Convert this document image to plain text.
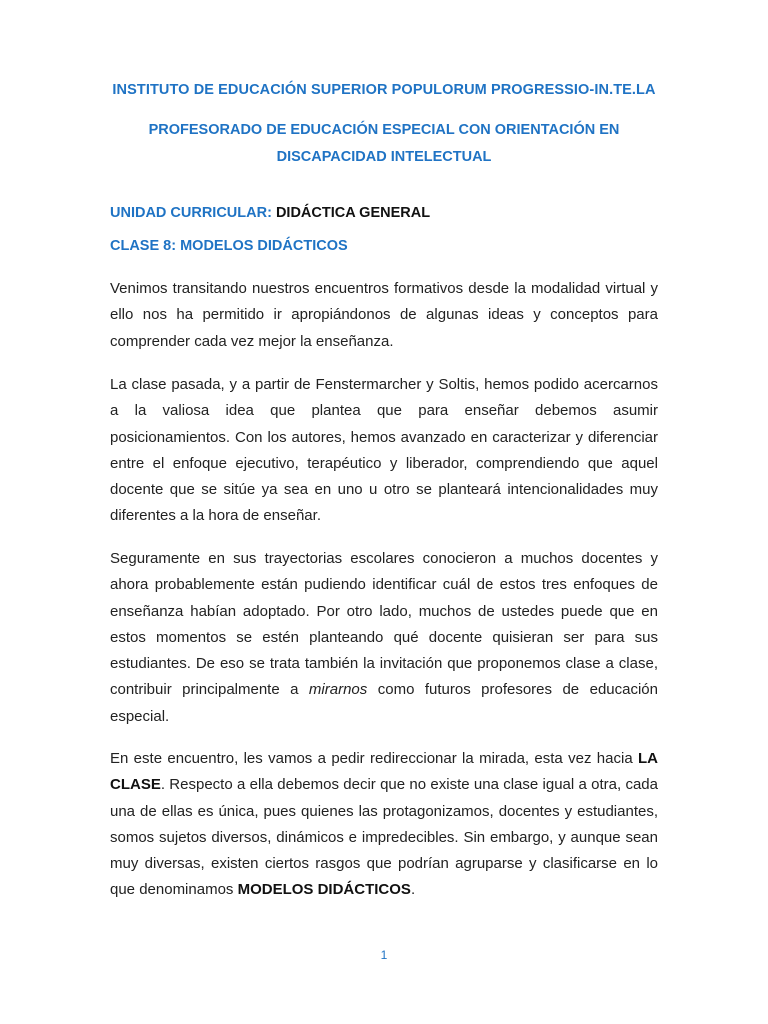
INSTITUTO DE EDUCACIÓN SUPERIOR POPULORUM PROGRESSIO-IN.TE.LA
PROFESORADO DE EDUCACIÓN ESPECIAL CON ORIENTACIÓN EN DISCAPACIDAD INTELECTUAL
UNIDAD CURRICULAR: DIDÁCTICA GENERAL
CLASE 8: MODELOS DIDÁCTICOS
Venimos transitando nuestros encuentros formativos desde la modalidad virtual y ello nos ha permitido ir apropiándonos de algunas ideas y conceptos para comprender cada vez mejor la enseñanza.
La clase pasada, y a partir de Fenstermarcher y Soltis, hemos podido acercarnos a la valiosa idea que plantea que para enseñar debemos asumir posicionamientos. Con los autores, hemos avanzado en caracterizar y diferenciar entre el enfoque ejecutivo, terapéutico y liberador, comprendiendo que aquel docente que se sitúe ya sea en uno u otro se planteará intencionalidades muy diferentes a la hora de enseñar.
Seguramente en sus trayectorias escolares conocieron a muchos docentes y ahora probablemente están pudiendo identificar cuál de estos tres enfoques de enseñanza habían adoptado. Por otro lado, muchos de ustedes puede que en estos momentos se estén planteando qué docente quisieran ser para sus estudiantes. De eso se trata también la invitación que proponemos clase a clase, contribuir principalmente a mirarnos como futuros profesores de educación especial.
En este encuentro, les vamos a pedir redireccionar la mirada, esta vez hacia LA CLASE. Respecto a ella debemos decir que no existe una clase igual a otra, cada una de ellas es única, pues quienes las protagonizamos, docentes y estudiantes, somos sujetos diversos, dinámicos e impredecibles. Sin embargo, y aunque sean muy diversas, existen ciertos rasgos que podrían agruparse y clasificarse en lo que denominamos MODELOS DIDÁCTICOS.
1
